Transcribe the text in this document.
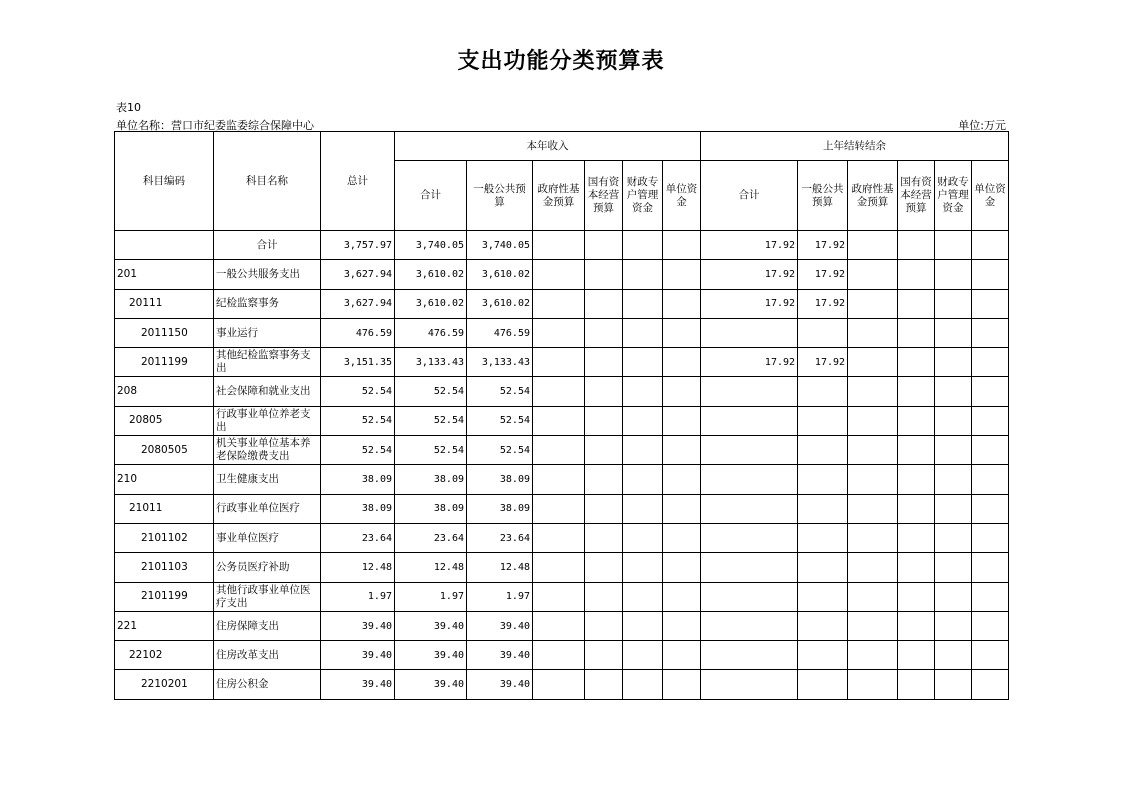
支出功能分类预算表
表10
单位名称：营口市纪委监委综合保障中心	单位:万元
科目编码	科目名称	总计	本年收入						上年结转结余					
			合计	一般公共预算	政府性基金预算	国有资本经营预算	财政专户管理资金	单位资金	合计	一般公共预算	政府性基金预算	国有资本经营预算	财政专户管理资金	单位资金
	合计	3,757.97	3,740.05	3,740.05					17.92	17.92				
201	一般公共服务支出	3,627.94	3,610.02	3,610.02					17.92	17.92				
20111	纪检监察事务	3,627.94	3,610.02	3,610.02					17.92	17.92				
2011150	事业运行	476.59	476.59	476.59										
2011199	其他纪检监察事务支出	3,151.35	3,133.43	3,133.43					17.92	17.92				
208	社会保障和就业支出	52.54	52.54	52.54										
20805	行政事业单位养老支出	52.54	52.54	52.54										
2080505	机关事业单位基本养老保险缴费支出	52.54	52.54	52.54										
210	卫生健康支出	38.09	38.09	38.09										
21011	行政事业单位医疗	38.09	38.09	38.09										
2101102	事业单位医疗	23.64	23.64	23.64										
2101103	公务员医疗补助	12.48	12.48	12.48										
2101199	其他行政事业单位医疗支出	1.97	1.97	1.97										
221	住房保障支出	39.40	39.40	39.40										
22102	住房改革支出	39.40	39.40	39.40										
2210201	住房公积金	39.40	39.40	39.40										
